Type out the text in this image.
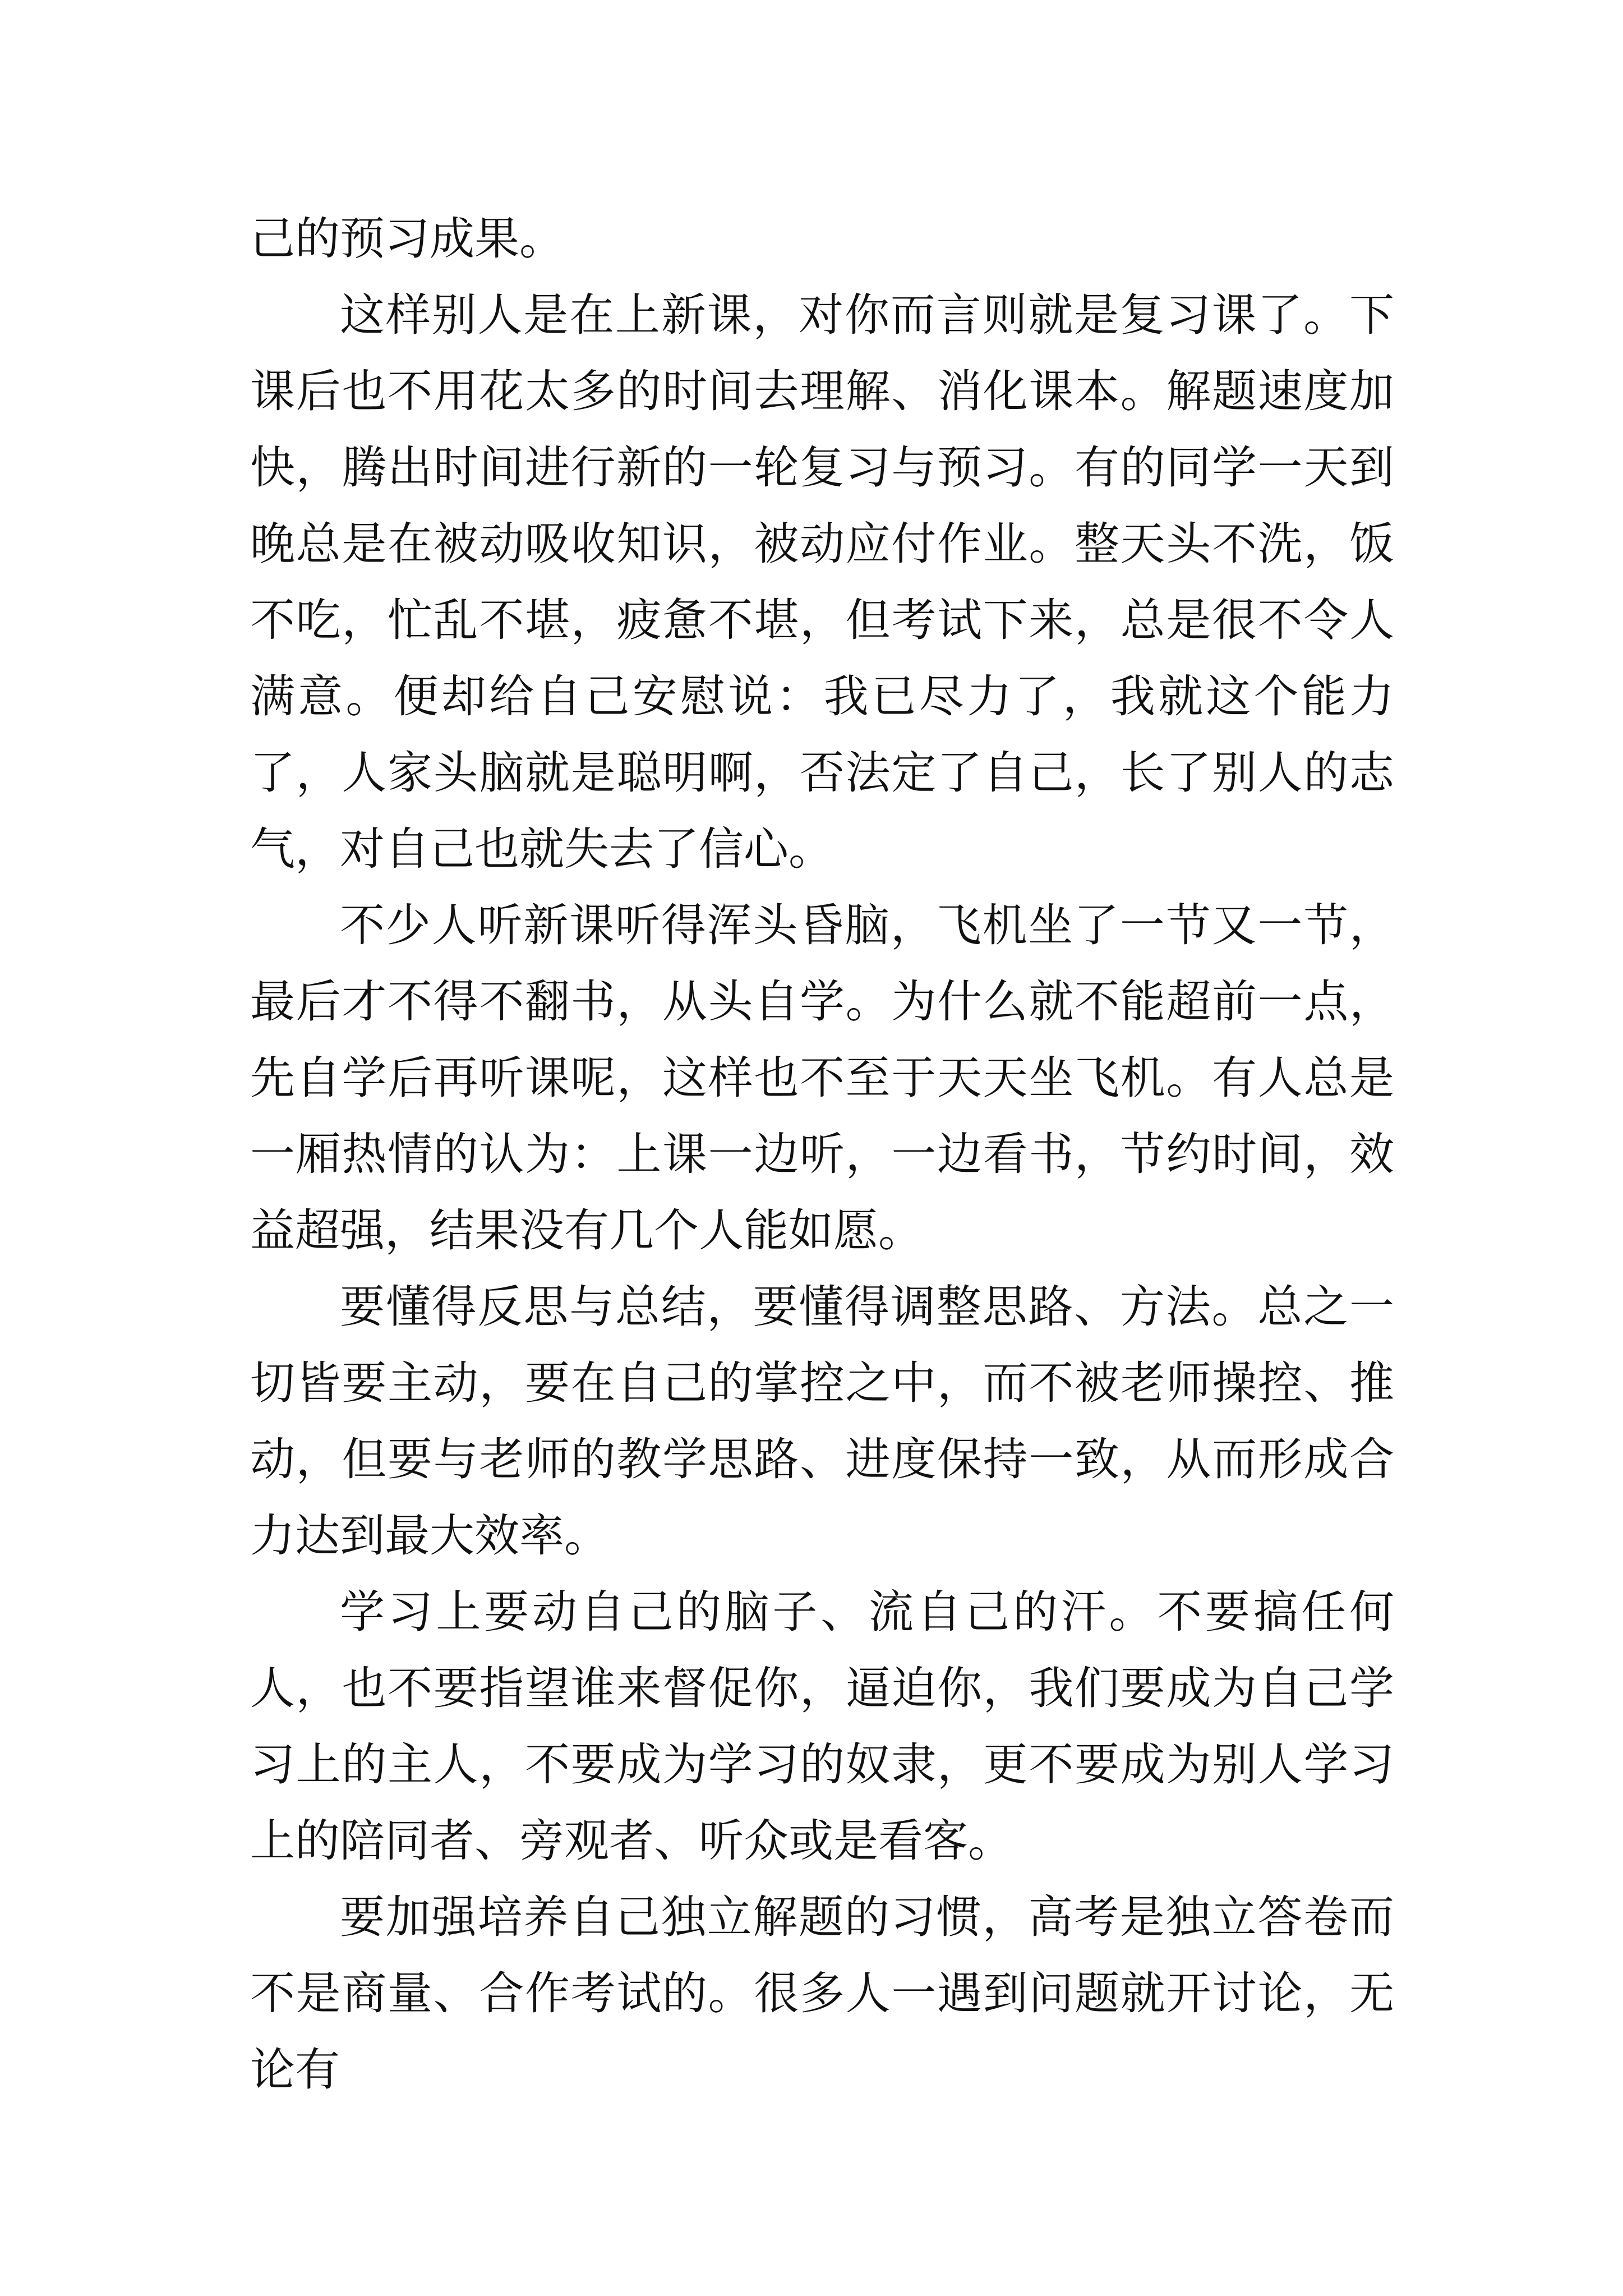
己的预习成果。

这样别人是在上新课，对你而言则就是复习课了。下课后也不用花太多的时间去理解、消化课本。解题速度加快，腾出时间进行新的一轮复习与预习。有的同学一天到晚总是在被动吸收知识，被动应付作业。整天头不洗，饭不吃，忙乱不堪，疲惫不堪，但考试下来，总是很不令人满意。便却给自己安慰说：我已尽力了，我就这个能力了，人家头脑就是聪明啊，否法定了自己，长了别人的志气，对自己也就失去了信心。

不少人听新课听得浑头昏脑，飞机坐了一节又一节，最后才不得不翻书，从头自学。为什么就不能超前一点，先自学后再听课呢，这样也不至于天天坐飞机。有人总是一厢热情的认为：上课一边听，一边看书，节约时间，效益超强，结果没有几个人能如愿。

要懂得反思与总结，要懂得调整思路、方法。总之一切皆要主动，要在自己的掌控之中，而不被老师操控、推动，但要与老师的教学思路、进度保持一致，从而形成合力达到最大效率。

学习上要动自己的脑子、流自己的汗。不要搞任何人，也不要指望谁来督促你，逼迫你，我们要成为自己学习上的主人，不要成为学习的奴隶，更不要成为别人学习上的陪同者、旁观者、听众或是看客。

要加强培养自己独立解题的习惯，高考是独立答卷而不是商量、合作考试的。很多人一遇到问题就开讨论，无论有
